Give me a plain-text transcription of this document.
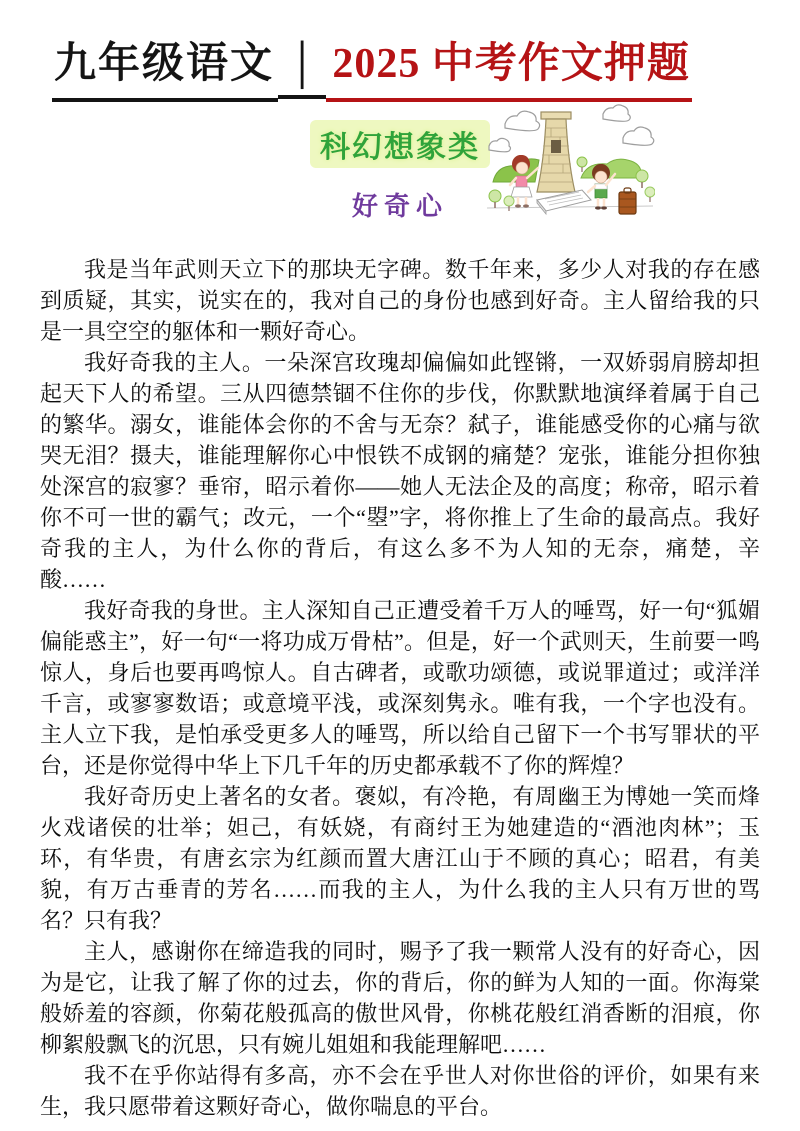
九年级语文 │ 2025 中考作文押题
科幻想象类
好奇心

我是当年武则天立下的那块无字碑。数千年来，多少人对我的存在感到质疑，其实，说实在的，我对自己的身份也感到好奇。主人留给我的只是一具空空的躯体和一颗好奇心。

我好奇我的主人。一朵深宫玫瑰却偏偏如此铿锵，一双娇弱肩膀却担起天下人的希望。三从四德禁锢不住你的步伐，你默默地演绎着属于自己的繁华。溺女，谁能体会你的不舍与无奈？弑子，谁能感受你的心痛与欲哭无泪？摄夫，谁能理解你心中恨铁不成钢的痛楚？宠张，谁能分担你独处深宫的寂寥？垂帘，昭示着你——她人无法企及的高度；称帝，昭示着你不可一世的霸气；改元，一个“曌”字，将你推上了生命的最高点。我好奇我的主人，为什么你的背后，有这么多不为人知的无奈，痛楚，辛酸……

我好奇我的身世。主人深知自己正遭受着千万人的唾骂，好一句“狐媚偏能惑主”，好一句“一将功成万骨枯”。但是，好一个武则天，生前要一鸣惊人，身后也要再鸣惊人。自古碑者，或歌功颂德，或说罪道过；或洋洋千言，或寥寥数语；或意境平浅，或深刻隽永。唯有我，一个字也没有。主人立下我，是怕承受更多人的唾骂，所以给自己留下一个书写罪状的平台，还是你觉得中华上下几千年的历史都承载不了你的辉煌？

我好奇历史上著名的女者。褒姒，有冷艳，有周幽王为博她一笑而烽火戏诸侯的壮举；妲己，有妖娆，有商纣王为她建造的“酒池肉林”；玉环，有华贵，有唐玄宗为红颜而置大唐江山于不顾的真心；昭君，有美貌，有万古垂青的芳名……而我的主人，为什么我的主人只有万世的骂名？只有我？

主人，感谢你在缔造我的同时，赐予了我一颗常人没有的好奇心，因为是它，让我了解了你的过去，你的背后，你的鲜为人知的一面。你海棠般娇羞的容颜，你菊花般孤高的傲世风骨，你桃花般红消香断的泪痕，你柳絮般飘飞的沉思，只有婉儿姐姐和我能理解吧……

我不在乎你站得有多高，亦不会在乎世人对你世俗的评价，如果有来生，我只愿带着这颗好奇心，做你喘息的平台。
